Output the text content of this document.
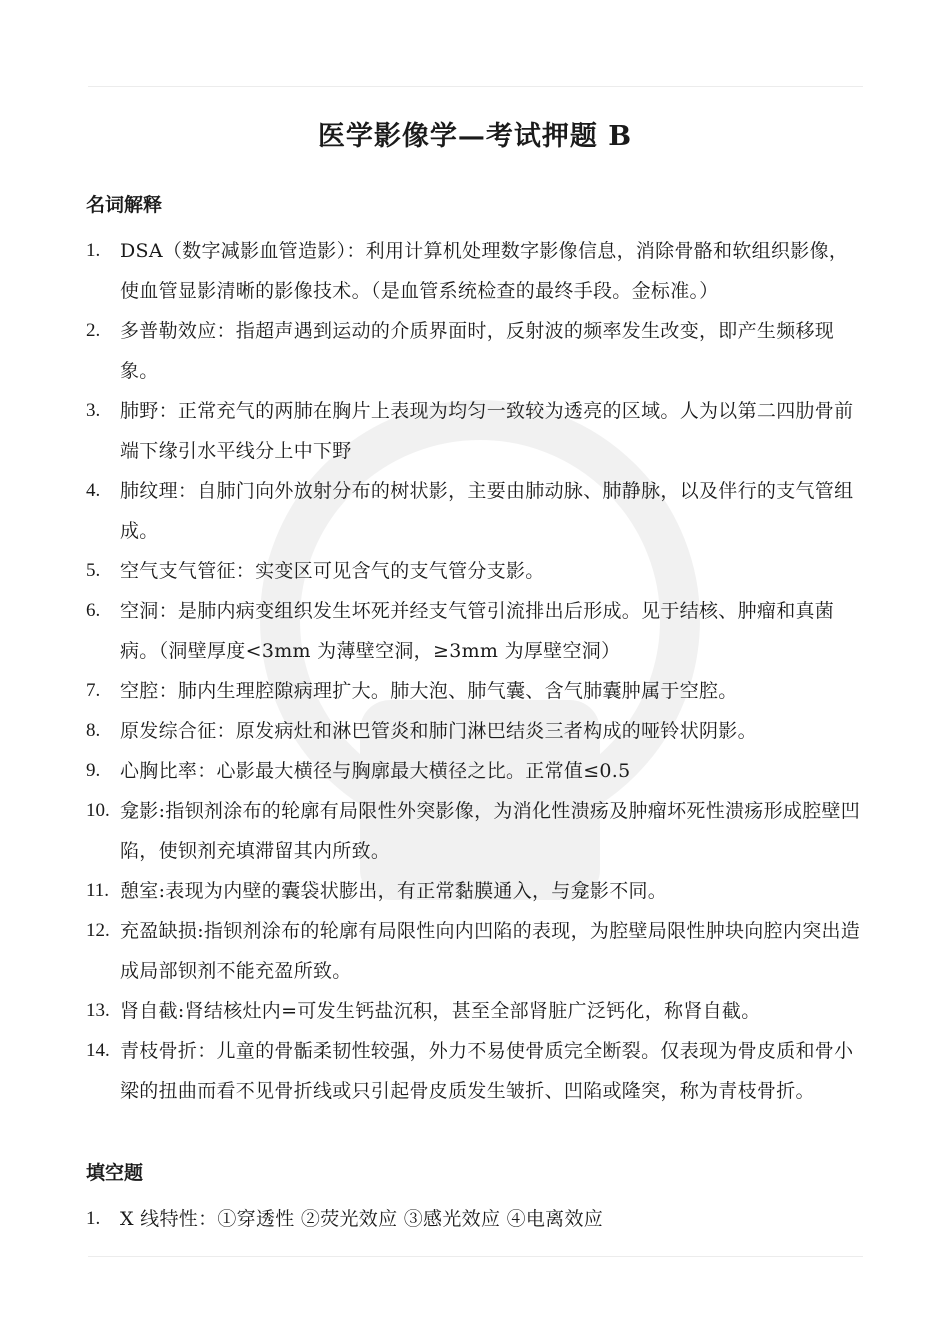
医学影像学—考试押题 B
名词解释
1.	DSA（数字减影血管造影）：利用计算机处理数字影像信息，消除骨骼和软组织影像，使血管显影清晰的影像技术。（是血管系统检查的最终手段。金标准。）
2.	多普勒效应：指超声遇到运动的介质界面时，反射波的频率发生改变，即产生频移现象。
3.	肺野：正常充气的两肺在胸片上表现为均匀一致较为透亮的区域。人为以第二四肋骨前端下缘引水平线分上中下野
4.	肺纹理：自肺门向外放射分布的树状影，主要由肺动脉、肺静脉，以及伴行的支气管组成。
5.	空气支气管征：实变区可见含气的支气管分支影。
6.	空洞：是肺内病变组织发生坏死并经支气管引流排出后形成。见于结核、肿瘤和真菌病。（洞壁厚度<3mm 为薄壁空洞，≥3mm 为厚壁空洞）
7.	空腔：肺内生理腔隙病理扩大。肺大泡、肺气囊、含气肺囊肿属于空腔。
8.	原发综合征：原发病灶和淋巴管炎和肺门淋巴结炎三者构成的哑铃状阴影。
9.	心胸比率：心影最大横径与胸廓最大横径之比。正常值≤0.5
10. 龛影:指钡剂涂布的轮廓有局限性外突影像，为消化性溃疡及肿瘤坏死性溃疡形成腔壁凹陷，使钡剂充填滞留其内所致。
11. 憩室:表现为内壁的囊袋状膨出，有正常黏膜通入，与龛影不同。
12. 充盈缺损:指钡剂涂布的轮廓有局限性向内凹陷的表现，为腔壁局限性肿块向腔内突出造成局部钡剂不能充盈所致。
13. 肾自截:肾结核灶内=可发生钙盐沉积，甚至全部肾脏广泛钙化，称肾自截。
14. 青枝骨折：儿童的骨骺柔韧性较强，外力不易使骨质完全断裂。仅表现为骨皮质和骨小梁的扭曲而看不见骨折线或只引起骨皮质发生皱折、凹陷或隆突，称为青枝骨折。
填空题
1.	X 线特性：①穿透性 ②荧光效应 ③感光效应 ④电离效应
